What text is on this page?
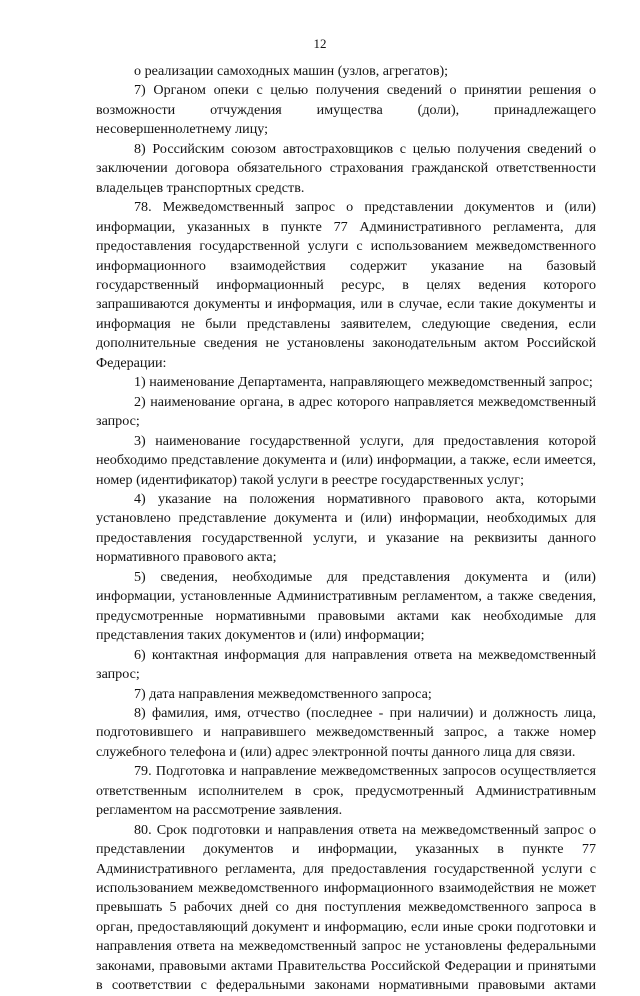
12

о реализации самоходных машин (узлов, агрегатов);

7) Органом опеки с целью получения сведений о принятии решения о возможности отчуждения имущества (доли), принадлежащего несовершеннолетнему лицу;

8) Российским союзом автостраховщиков с целью получения сведений о заключении договора обязательного страхования гражданской ответственности владельцев транспортных средств.

78. Межведомственный запрос о представлении документов и (или) информации, указанных в пункте 77 Административного регламента, для предоставления государственной услуги с использованием межведомственного информационного взаимодействия содержит указание на базовый государственный информационный ресурс, в целях ведения которого запрашиваются документы и информация, или в случае, если такие документы и информация не были представлены заявителем, следующие сведения, если дополнительные сведения не установлены законодательным актом Российской Федерации:

1) наименование Департамента, направляющего межведомственный запрос;

2) наименование органа, в адрес которого направляется межведомственный запрос;

3) наименование государственной услуги, для предоставления которой необходимо представление документа и (или) информации, а также, если имеется, номер (идентификатор) такой услуги в реестре государственных услуг;

4) указание на положения нормативного правового акта, которыми установлено представление документа и (или) информации, необходимых для предоставления государственной услуги, и указание на реквизиты данного нормативного правового акта;

5) сведения, необходимые для представления документа и (или) информации, установленные Административным регламентом, а также сведения, предусмотренные нормативными правовыми актами как необходимые для представления таких документов и (или) информации;

6) контактная информация для направления ответа на межведомственный запрос;

7) дата направления межведомственного запроса;

8) фамилия, имя, отчество (последнее - при наличии) и должность лица, подготовившего и направившего межведомственный запрос, а также номер служебного телефона и (или) адрес электронной почты данного лица для связи.

79. Подготовка и направление межведомственных запросов осуществляется ответственным исполнителем в срок, предусмотренный Административным регламентом на рассмотрение заявления.

80. Срок подготовки и направления ответа на межведомственный запрос о представлении документов и информации, указанных в пункте 77 Административного регламента, для предоставления государственной услуги с использованием межведомственного информационного взаимодействия не может превышать 5 рабочих дней со дня поступления межведомственного запроса в орган, предоставляющий документ и информацию, если иные сроки подготовки и направления ответа на межведомственный запрос не установлены федеральными законами, правовыми актами Правительства Российской Федерации и принятыми в соответствии с федеральными законами нормативными правовыми актами
